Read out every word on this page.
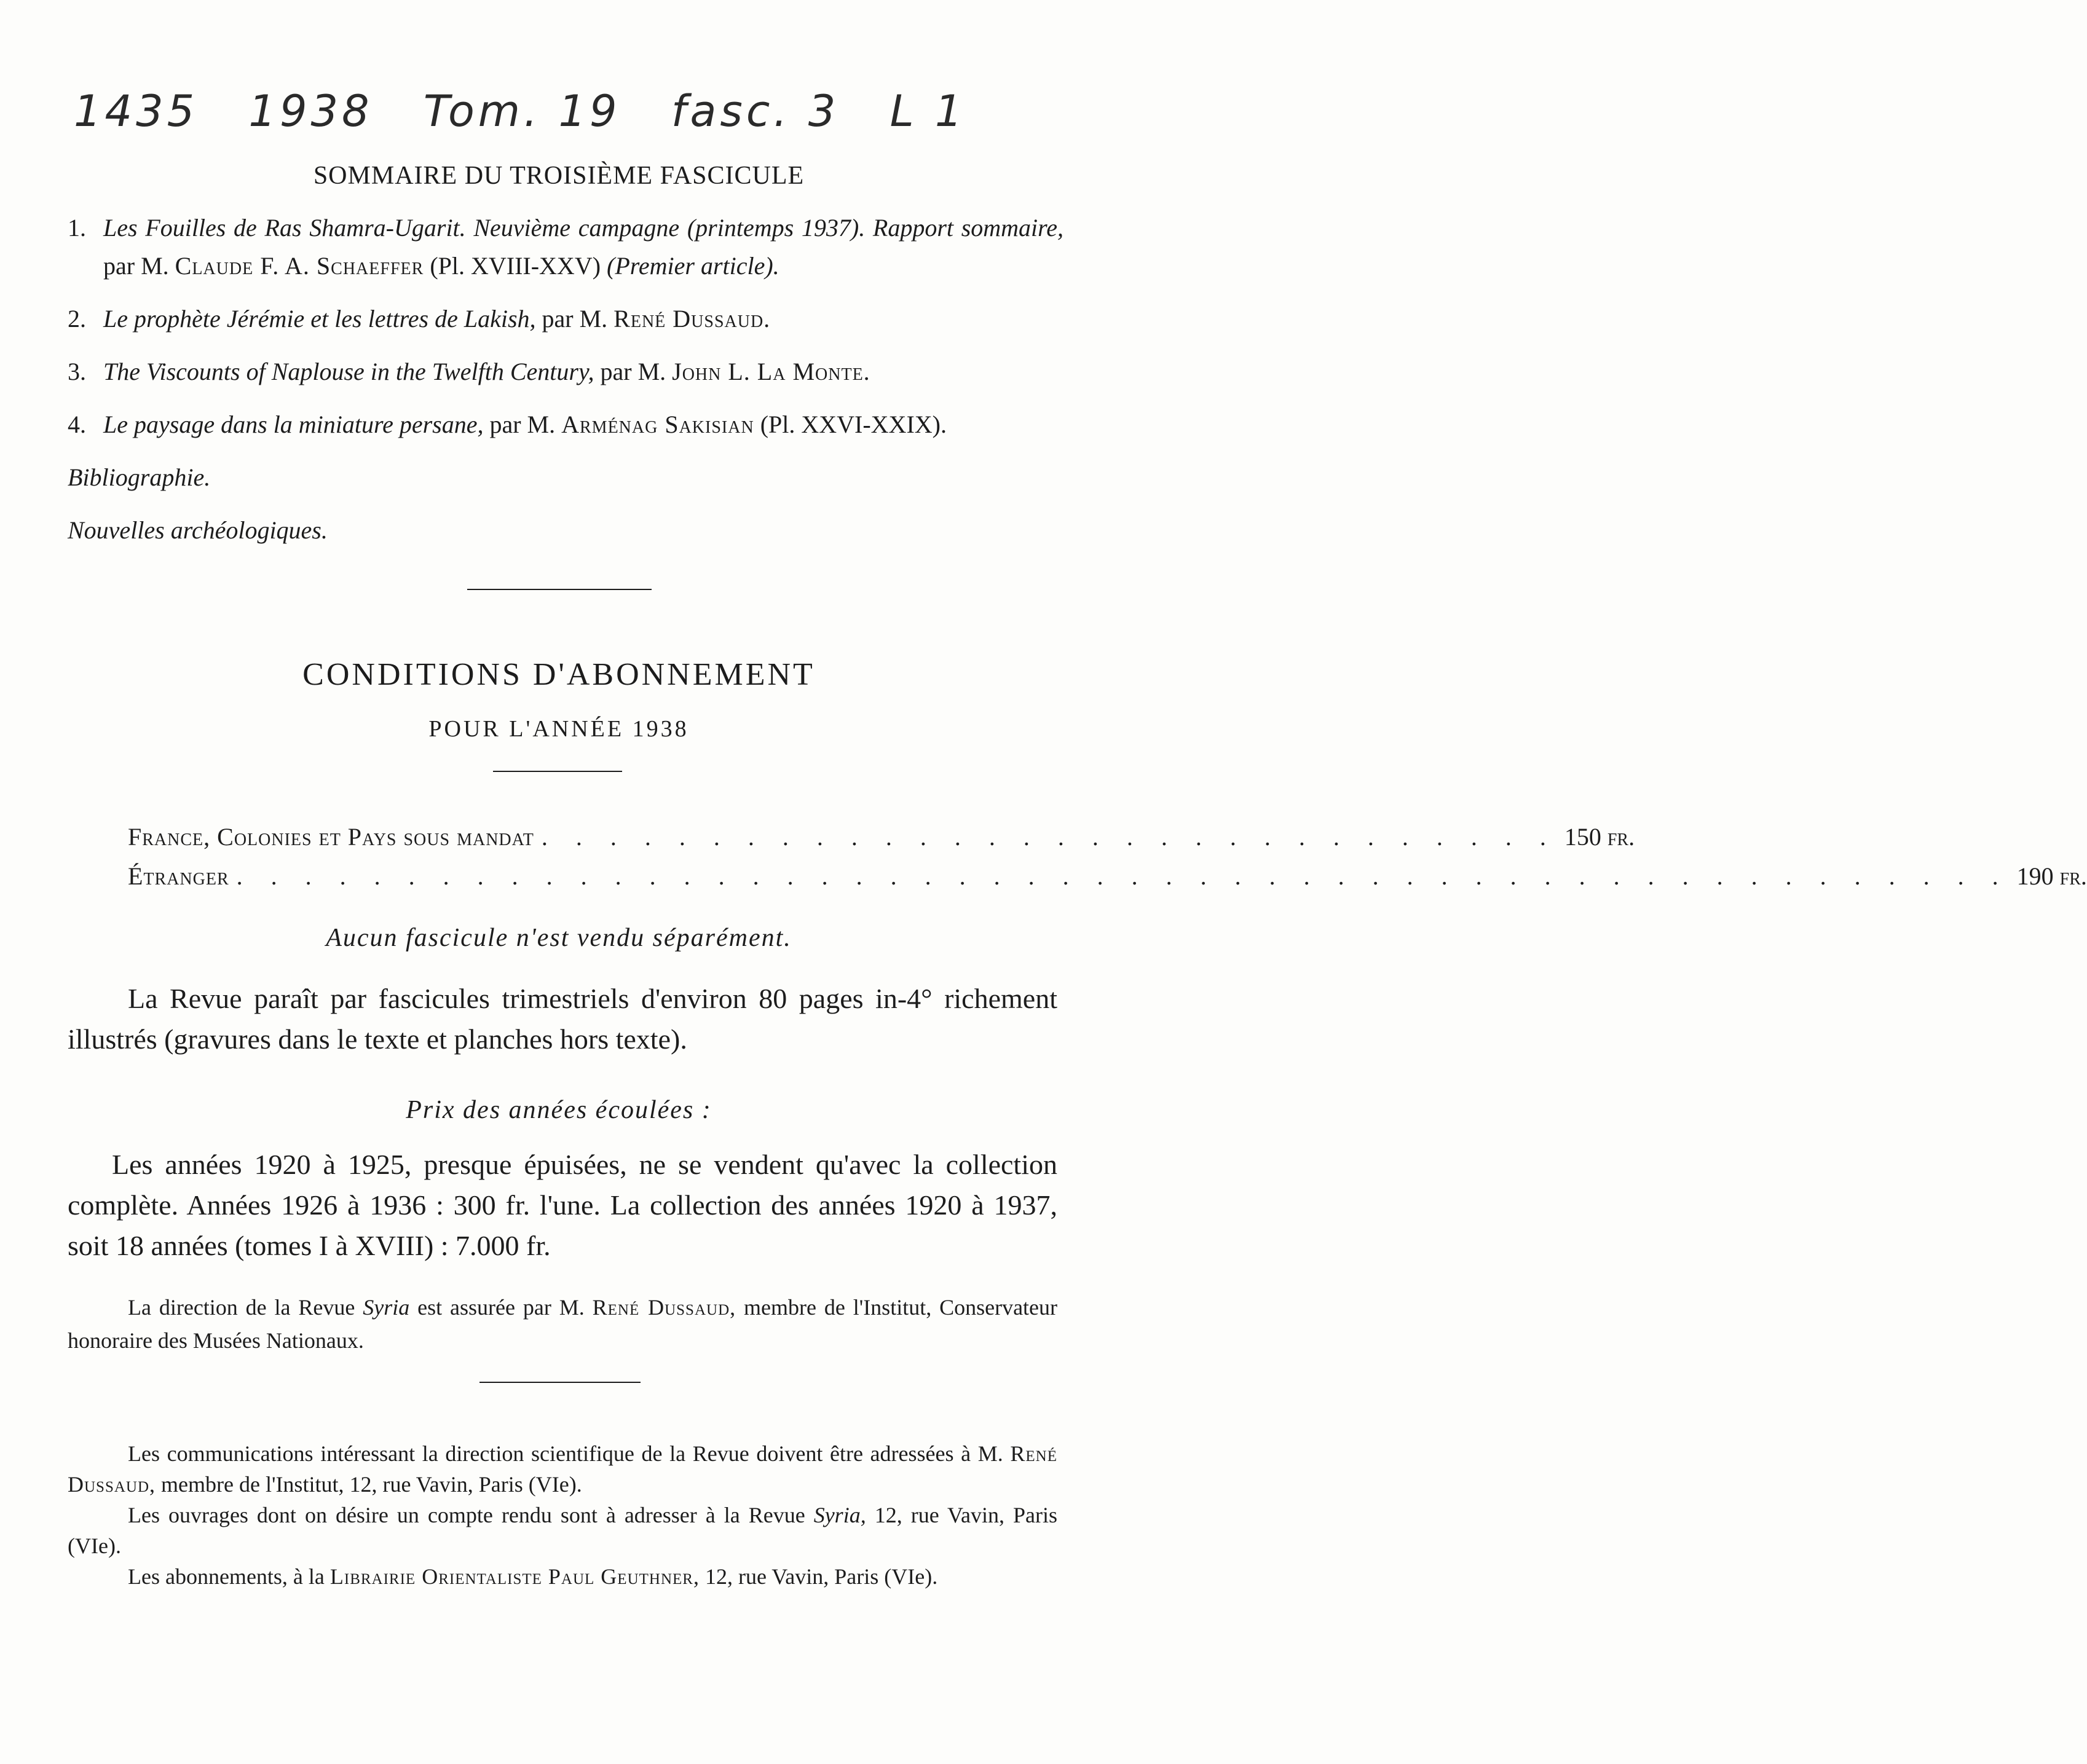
1435 1938 Tom. 19 fasc. 3 L 1
SOMMAIRE DU TROISIÈME FASCICULE
1. Les Fouilles de Ras Shamra-Ugarit. Neuvième campagne (printemps 1937). Rapport sommaire, par M. Claude F. A. Schaeffer (Pl. XVIII-XXV) (Premier article).
2. Le prophète Jérémie et les lettres de Lakish, par M. René Dussaud.
3. The Viscounts of Naplouse in the Twelfth Century, par M. John L. La Monte.
4. Le paysage dans la miniature persane, par M. Arménag Sakisian (Pl. XXVI-XXIX).
Bibliographie.
Nouvelles archéologiques.
CONDITIONS D'ABONNEMENT
POUR L'ANNÉE 1938
France, Colonies et Pays sous mandat . . . . . . . . . . . . . . . . . . . . . . . . . . . . . . 150 fr.
Étranger . . . . . . . . . . . . . . . . . . . . . . . . . . . . . . . . . . . . . . . . . . . . . . . . . . . . 190 fr.
Aucun fascicule n'est vendu séparément.
La Revue paraît par fascicules trimestriels d'environ 80 pages in-4° richement illustrés (gravures dans le texte et planches hors texte).
Prix des années écoulées :
Les années 1920 à 1925, presque épuisées, ne se vendent qu'avec la collection complète. Années 1926 à 1936 : 300 fr. l'une. La collection des années 1920 à 1937, soit 18 années (tomes I à XVIII) : 7.000 fr.
La direction de la Revue Syria est assurée par M. René Dussaud, membre de l'Institut, Conservateur honoraire des Musées Nationaux.
Les communications intéressant la direction scientifique de la Revue doivent être adressées à M. René Dussaud, membre de l'Institut, 12, rue Vavin, Paris (VIe).
Les ouvrages dont on désire un compte rendu sont à adresser à la Revue Syria, 12, rue Vavin, Paris (VIe).
Les abonnements, à la Librairie Orientaliste Paul Geuthner, 12, rue Vavin, Paris (VIe).
